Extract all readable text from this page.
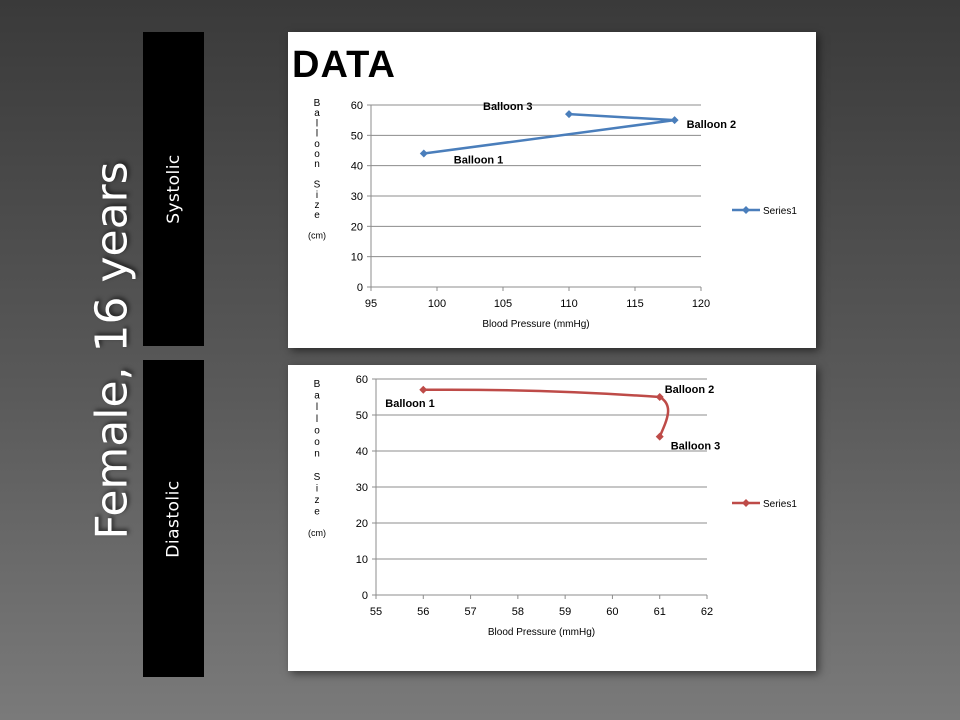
Female, 16 years Systolic
Diastolic
0
10
20
30
40
50
60
95	100	105	110	115	120
Blood Pressure (mmHg)
B
a
l
l
o
o
n
S
i
z
e
(cm)
Balloon 1
Balloon 2
Balloon 3
Series1
DATA
0
10
20
30
40
50
60
55	56	57	58	59	60	61	62
Blood Pressure (mmHg)
B
a
l
l
o
o
n
S
i
z
e
(cm)
Balloon 1
Balloon 2
Balloon 3
Series1
